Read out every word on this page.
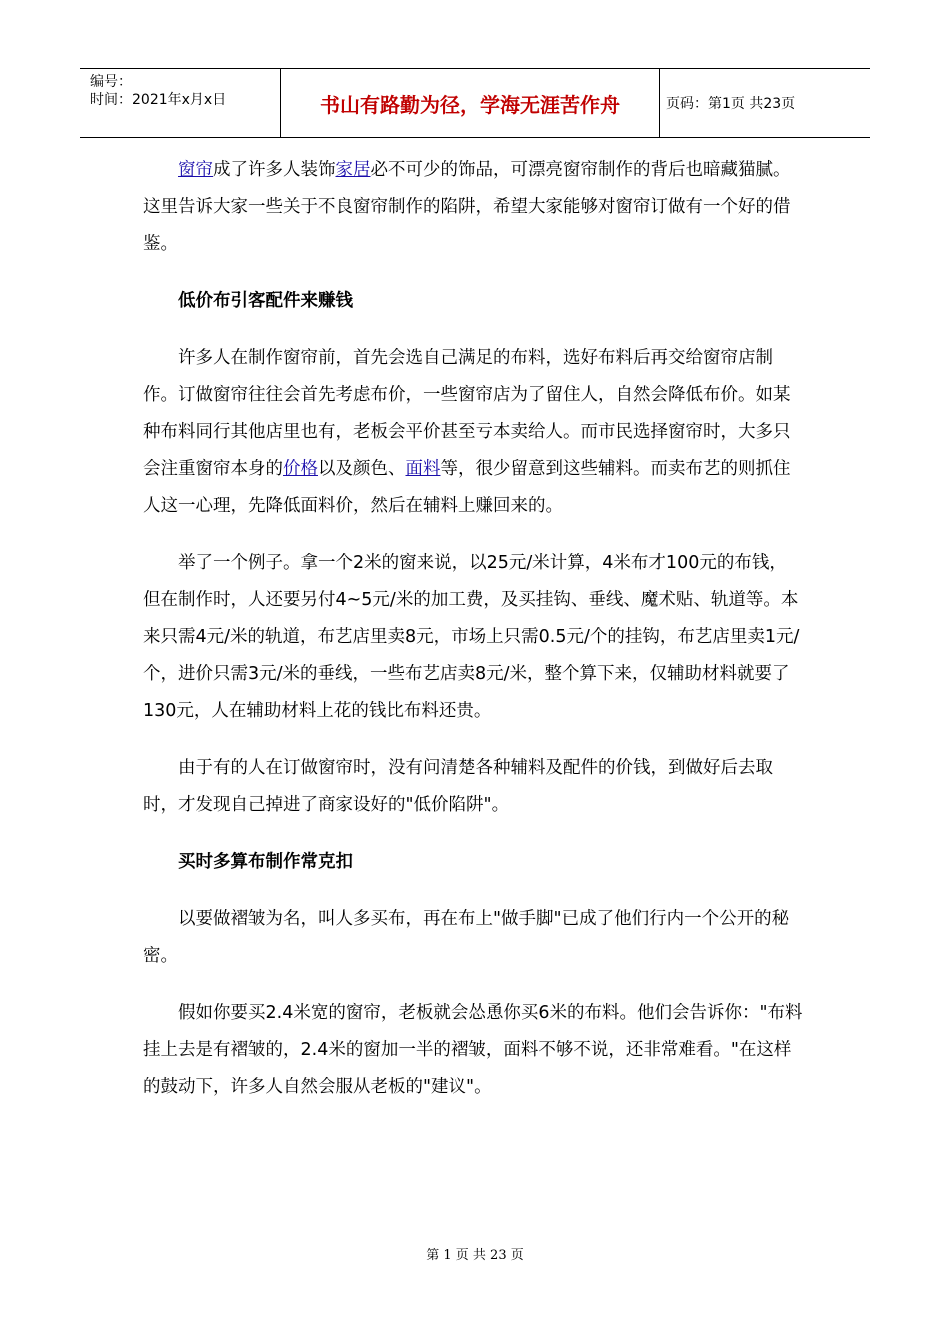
编号：
时间：2021年x月x日	书山有路勤为径，学海无涯苦作舟	页码：第1页 共23页

窗帘成了许多人装饰家居必不可少的饰品，可漂亮窗帘制作的背后也暗藏猫腻。这里告诉大家一些关于不良窗帘制作的陷阱，希望大家能够对窗帘订做有一个好的借鉴。

低价布引客配件来赚钱

许多人在制作窗帘前，首先会选自己满足的布料，选好布料后再交给窗帘店制作。订做窗帘往往会首先考虑布价，一些窗帘店为了留住人，自然会降低布价。如某种布料同行其他店里也有，老板会平价甚至亏本卖给人。而市民选择窗帘时，大多只会注重窗帘本身的价格以及颜色、面料等，很少留意到这些辅料。而卖布艺的则抓住人这一心理，先降低面料价，然后在辅料上赚回来的。

举了一个例子。拿一个2米的窗来说，以25元/米计算，4米布才100元的布钱，但在制作时，人还要另付4~5元/米的加工费，及买挂钩、垂线、魔术贴、轨道等。本来只需4元/米的轨道，布艺店里卖8元，市场上只需0.5元/个的挂钩，布艺店里卖1元/个，进价只需3元/米的垂线，一些布艺店卖8元/米，整个算下来，仅辅助材料就要了130元，人在辅助材料上花的钱比布料还贵。

由于有的人在订做窗帘时，没有问清楚各种辅料及配件的价钱，到做好后去取时，才发现自己掉进了商家设好的"低价陷阱"。

买时多算布制作常克扣

以要做褶皱为名，叫人多买布，再在布上"做手脚"已成了他们行内一个公开的秘密。

假如你要买2.4米宽的窗帘，老板就会怂恿你买6米的布料。他们会告诉你："布料挂上去是有褶皱的，2.4米的窗加一半的褶皱，面料不够不说，还非常难看。"在这样的鼓动下，许多人自然会服从老板的"建议"。

第 1 页 共 23 页
